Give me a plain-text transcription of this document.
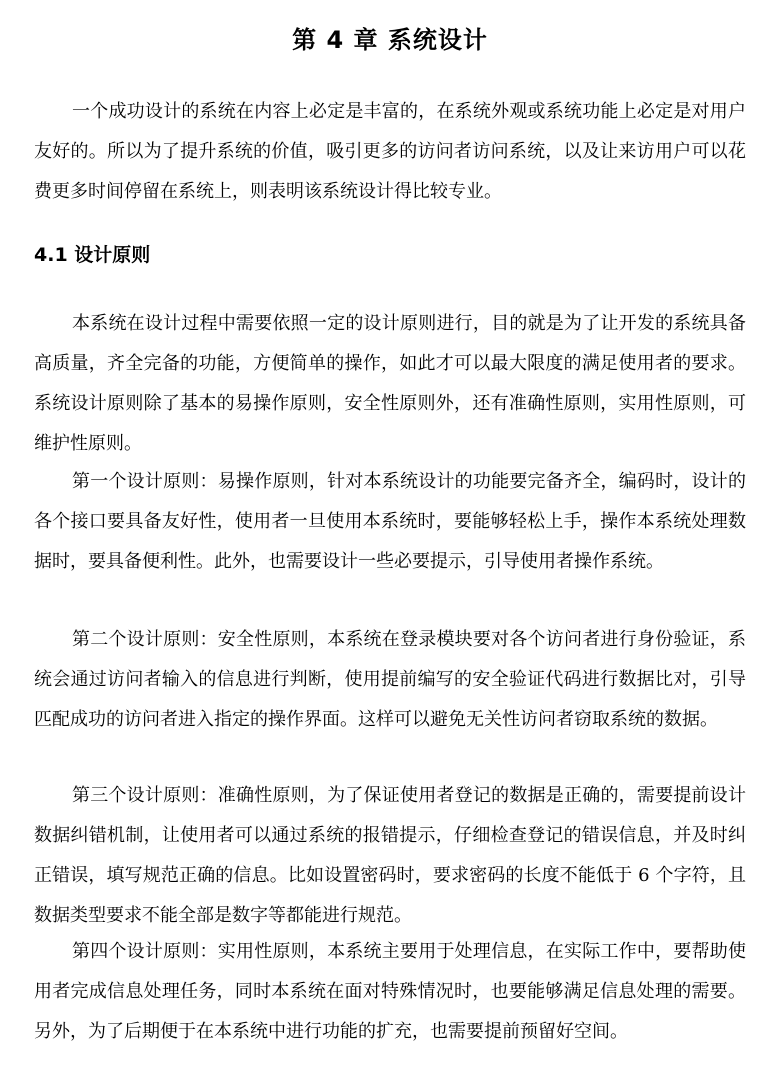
第 4 章 系统设计

一个成功设计的系统在内容上必定是丰富的，在系统外观或系统功能上必定是对用户友好的。所以为了提升系统的价值，吸引更多的访问者访问系统，以及让来访用户可以花费更多时间停留在系统上，则表明该系统设计得比较专业。

4.1 设计原则

本系统在设计过程中需要依照一定的设计原则进行，目的就是为了让开发的系统具备高质量，齐全完备的功能，方便简单的操作，如此才可以最大限度的满足使用者的要求。系统设计原则除了基本的易操作原则，安全性原则外，还有准确性原则，实用性原则，可维护性原则。

第一个设计原则：易操作原则，针对本系统设计的功能要完备齐全，编码时，设计的各个接口要具备友好性，使用者一旦使用本系统时，要能够轻松上手，操作本系统处理数据时，要具备便利性。此外，也需要设计一些必要提示，引导使用者操作系统。

第二个设计原则：安全性原则，本系统在登录模块要对各个访问者进行身份验证，系统会通过访问者输入的信息进行判断，使用提前编写的安全验证代码进行数据比对，引导匹配成功的访问者进入指定的操作界面。这样可以避免无关性访问者窃取系统的数据。

第三个设计原则：准确性原则，为了保证使用者登记的数据是正确的，需要提前设计数据纠错机制，让使用者可以通过系统的报错提示，仔细检查登记的错误信息，并及时纠正错误，填写规范正确的信息。比如设置密码时，要求密码的长度不能低于 6 个字符，且数据类型要求不能全部是数字等都能进行规范。

第四个设计原则：实用性原则，本系统主要用于处理信息，在实际工作中，要帮助使用者完成信息处理任务，同时本系统在面对特殊情况时，也要能够满足信息处理的需要。另外，为了后期便于在本系统中进行功能的扩充，也需要提前预留好空间。
